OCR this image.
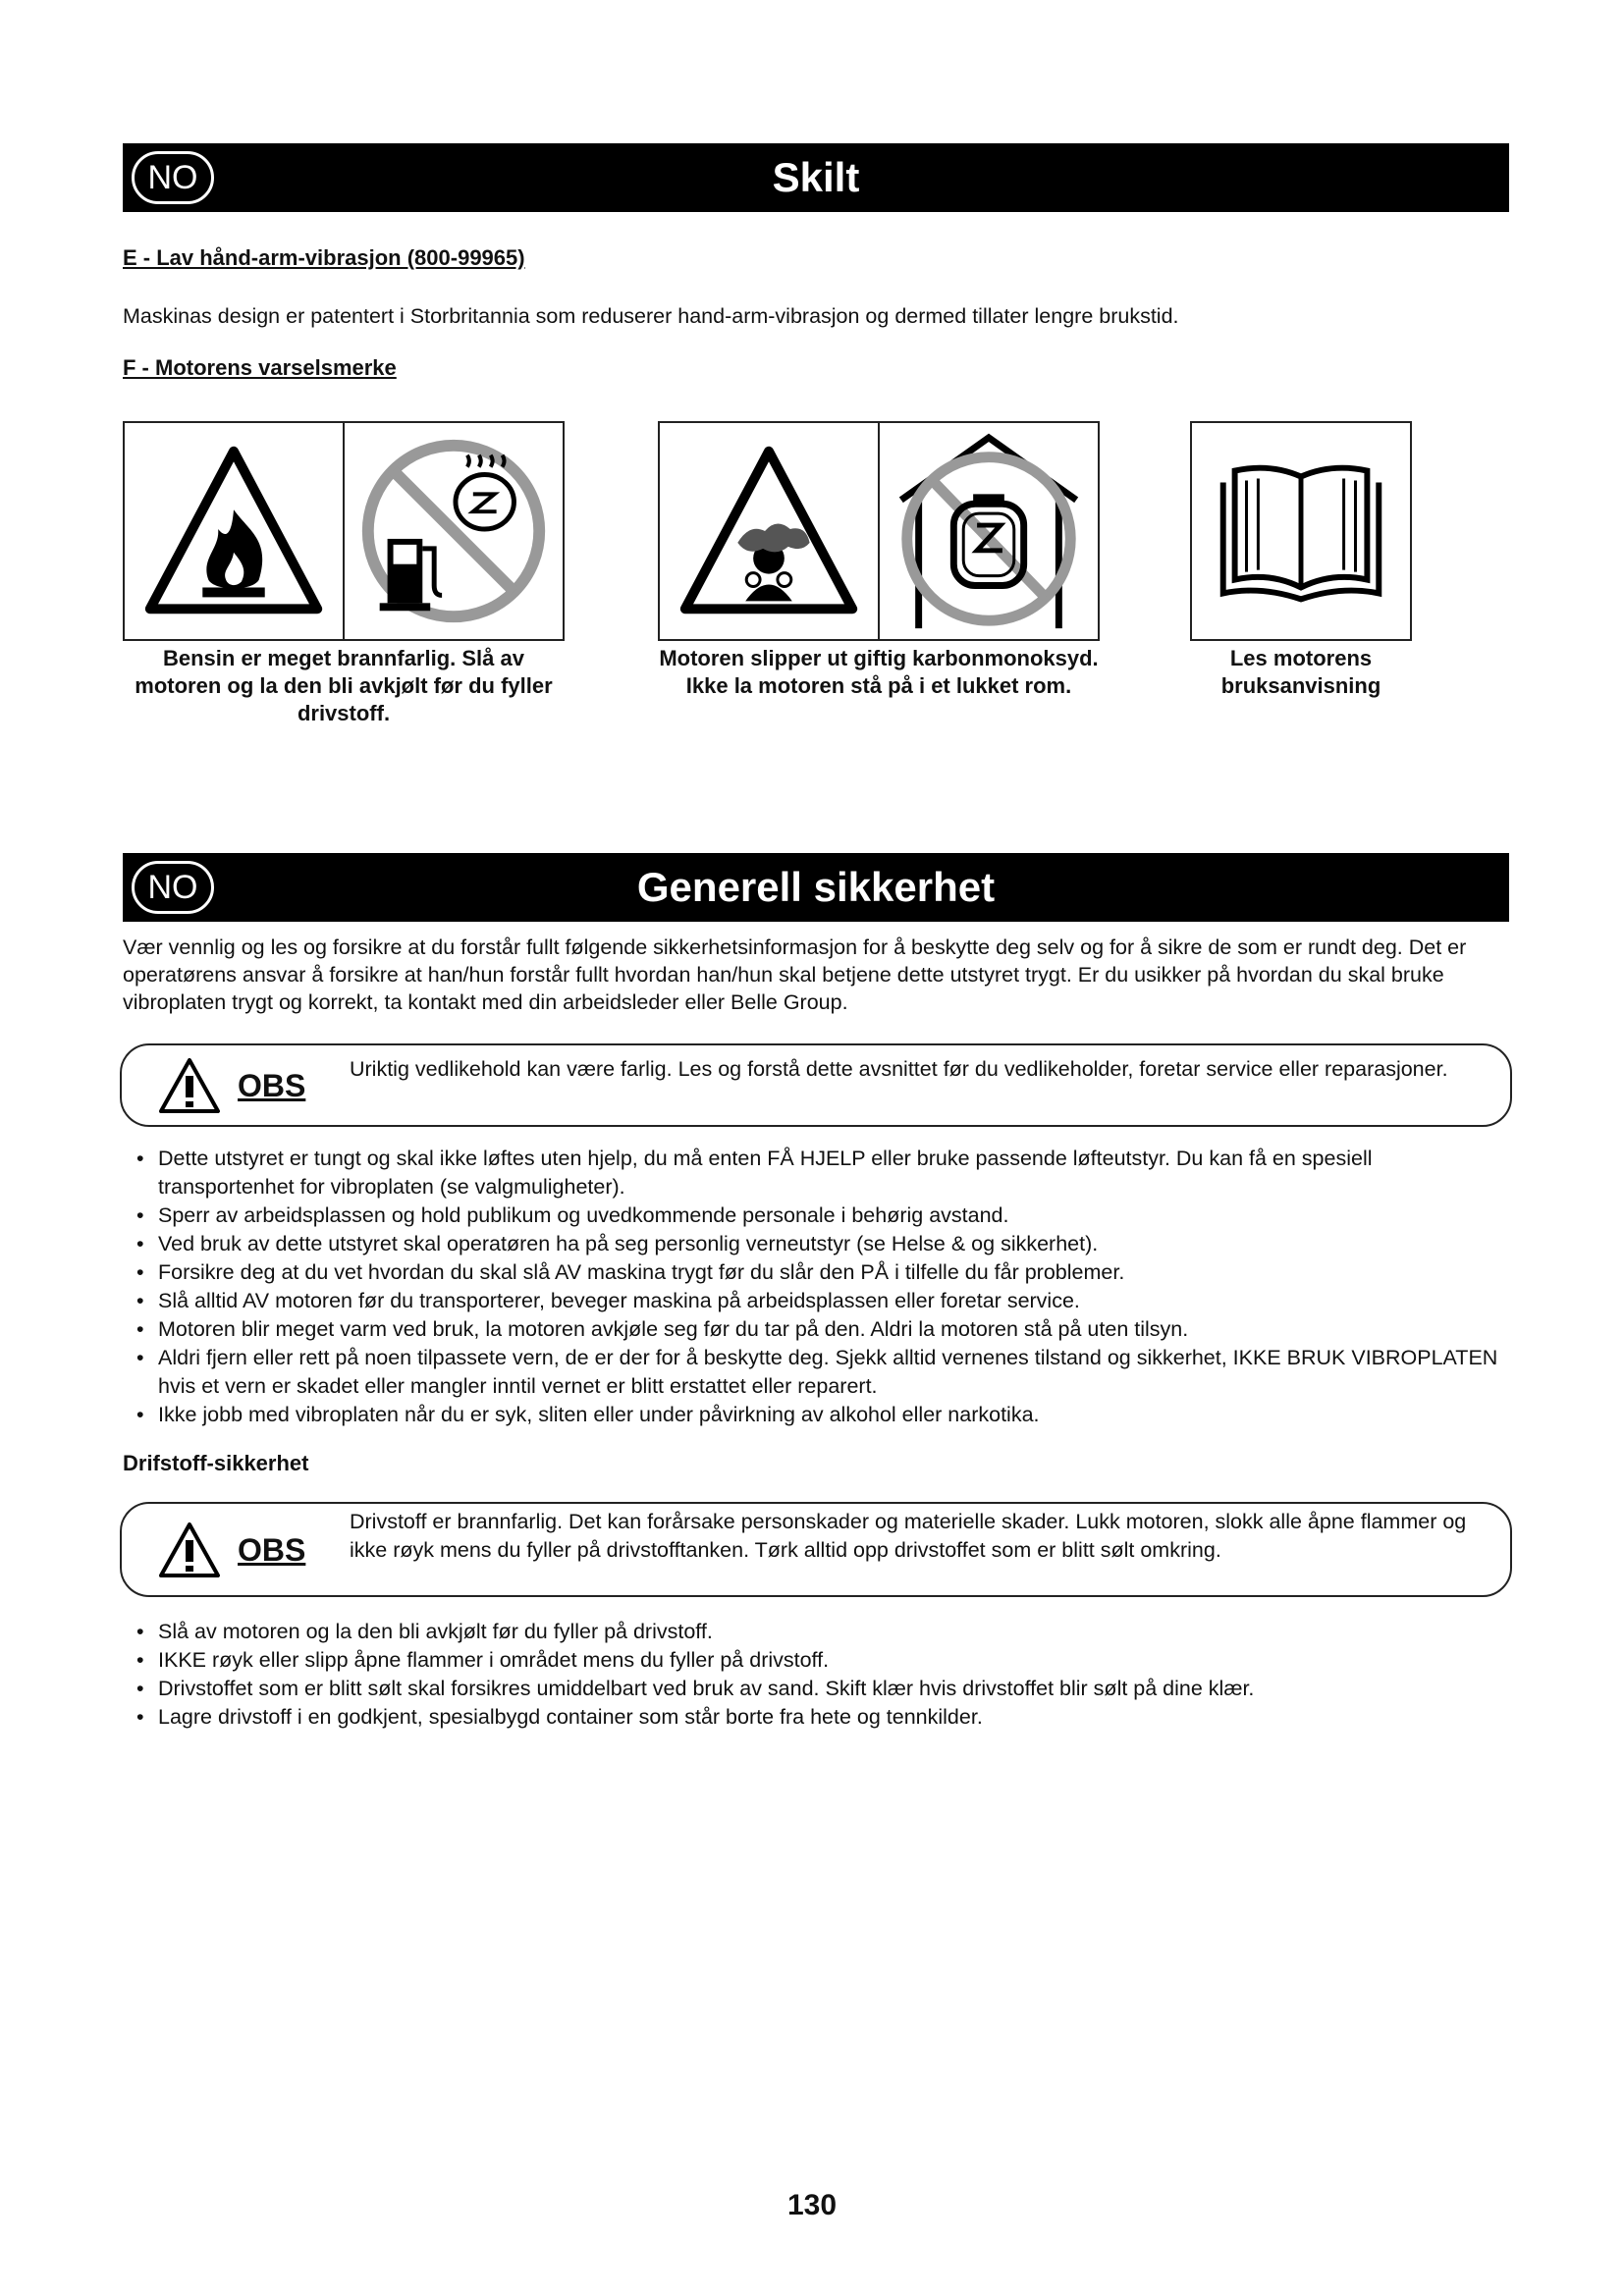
NO	Skilt
E - Lav hånd-arm-vibrasjon (800-99965)
Maskinas design er patentert i Storbritannia som reduserer hand-arm-vibrasjon og dermed tillater lengre brukstid.
F - Motorens varselsmerke
Bensin er meget brannfarlig. Slå av motoren og la den bli avkjølt før du fyller drivstoff.
Motoren slipper ut giftig karbonmonoksyd. Ikke la motoren stå på i et lukket rom.
Les motorens bruksanvisning
NO	Generell sikkerhet
Vær vennlig og les og forsikre at du forstår fullt følgende sikkerhetsinformasjon for å beskytte deg selv og for å sikre de som er rundt deg. Det er operatørens ansvar å forsikre at han/hun forstår fullt hvordan han/hun skal betjene dette utstyret trygt. Er du usikker på hvordan du skal bruke vibroplaten trygt og korrekt, ta kontakt med din arbeidsleder eller Belle Group.
OBS Uriktig vedlikehold kan være farlig. Les og forstå dette avsnittet før du vedlikeholder, foretar service eller reparasjoner.
• Dette utstyret er tungt og skal ikke løftes uten hjelp, du må enten FÅ HJELP eller bruke passende løfteutstyr. Du kan få en spesiell transportenhet for vibroplaten (se valgmuligheter).
• Sperr av arbeidsplassen og hold publikum og uvedkommende personale i behørig avstand.
• Ved bruk av dette utstyret skal operatøren ha på seg personlig verneutstyr (se Helse & og sikkerhet).
• Forsikre deg at du vet hvordan du skal slå AV maskina trygt før du slår den PÅ i tilfelle du får problemer.
• Slå alltid AV motoren før du transporterer, beveger maskina på arbeidsplassen eller foretar service.
• Motoren blir meget varm ved bruk, la motoren avkjøle seg før du tar på den. Aldri la motoren stå på uten tilsyn.
• Aldri fjern eller rett på noen tilpassete vern, de er der for å beskytte deg. Sjekk alltid vernenes tilstand og sikkerhet, IKKE BRUK VIBROPLATEN hvis et vern er skadet eller mangler inntil vernet er blitt erstattet eller reparert.
• Ikke jobb med vibroplaten når du er syk, sliten eller under påvirkning av alkohol eller narkotika.
Drifstoff-sikkerhet
OBS
Drivstoff er brannfarlig. Det kan forårsake personskader og materielle skader. Lukk motoren, slokk alle åpne flammer og ikke røyk mens du fyller på drivstofftanken. Tørk alltid opp drivstoffet som er blitt sølt omkring.
• Slå av motoren og la den bli avkjølt før du fyller på drivstoff.
• IKKE røyk eller slipp åpne flammer i området mens du fyller på drivstoff.
• Drivstoffet som er blitt sølt skal forsikres umiddelbart ved bruk av sand. Skift klær hvis drivstoffet blir sølt på dine klær.
• Lagre drivstoff i en godkjent, spesialbygd container som står borte fra hete og tennkilder.
130
